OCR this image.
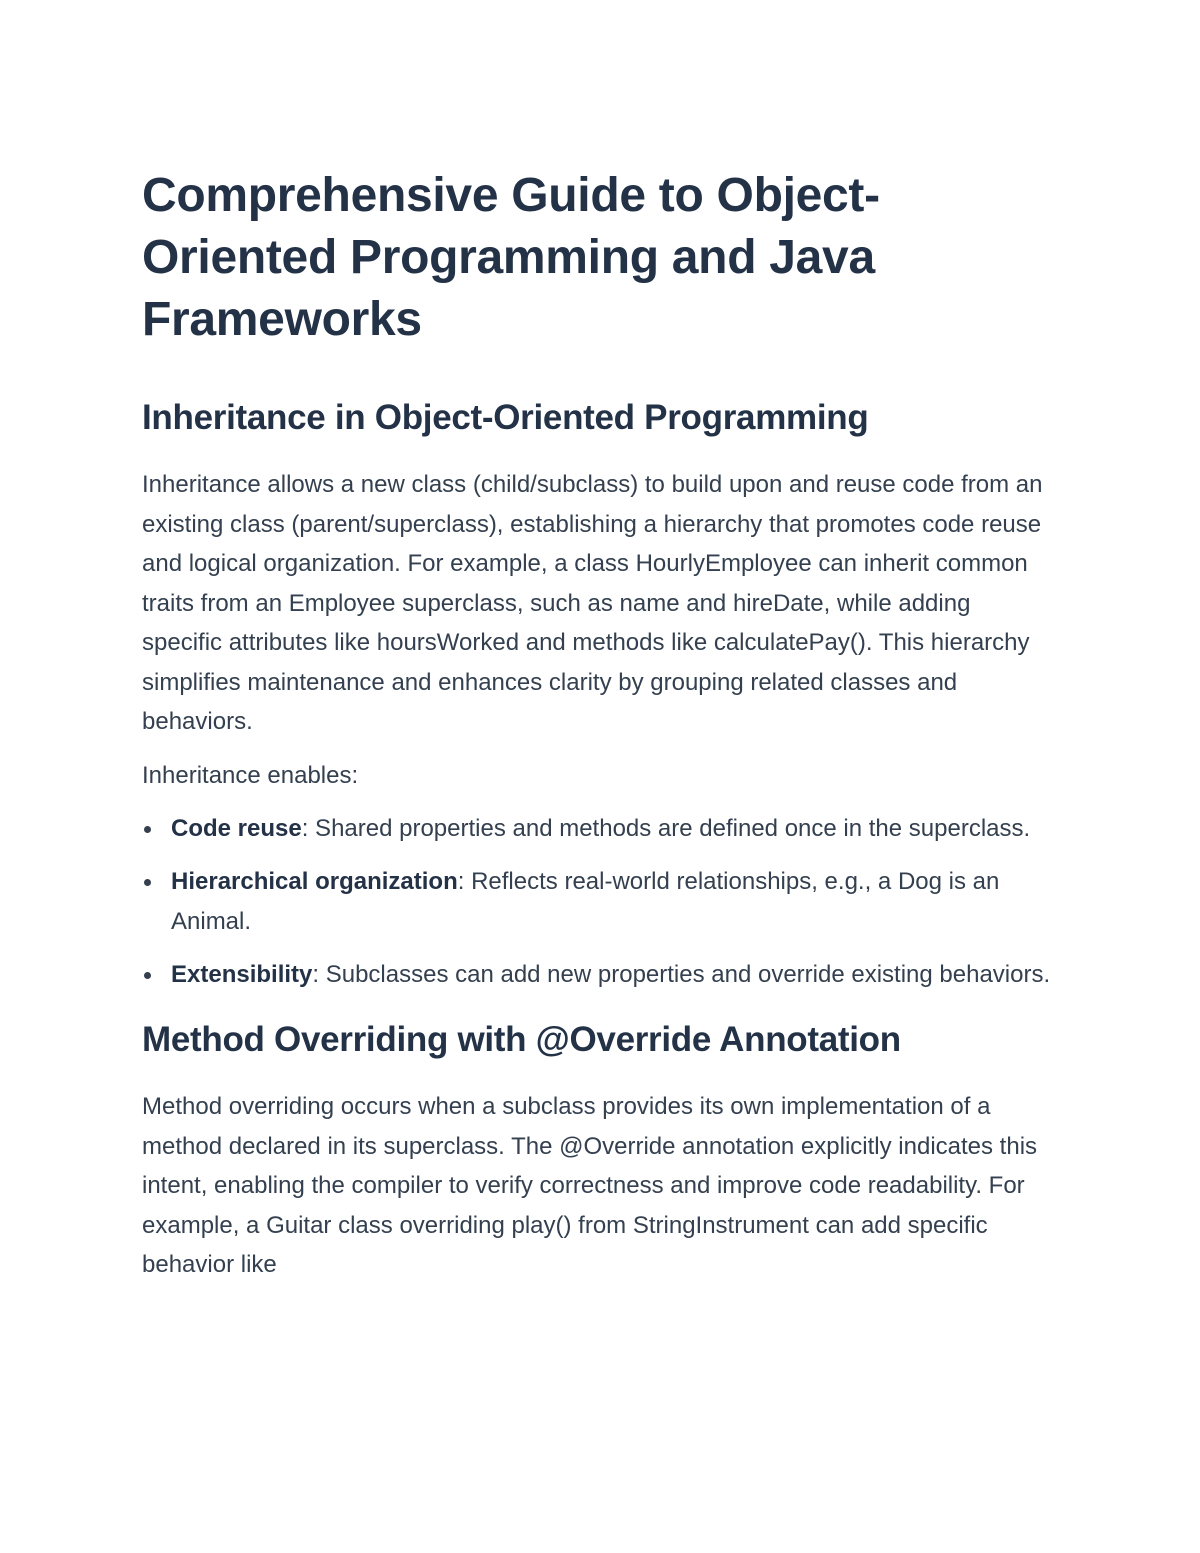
Comprehensive Guide to Object-Oriented Programming and Java Frameworks
Inheritance in Object-Oriented Programming

Inheritance allows a new class (child/subclass) to build upon and reuse code from an existing class (parent/superclass), establishing a hierarchy that promotes code reuse and logical organization. For example, a class HourlyEmployee can inherit common traits from an Employee superclass, such as name and hireDate, while adding specific attributes like hoursWorked and methods like calculatePay(). This hierarchy simplifies maintenance and enhances clarity by grouping related classes and behaviors.

Inheritance enables:

Code reuse: Shared properties and methods are defined once in the superclass.
Hierarchical organization: Reflects real-world relationships, e.g., a Dog is an Animal.
Extensibility: Subclasses can add new properties and override existing behaviors.
Method Overriding with @Override Annotation

Method overriding occurs when a subclass provides its own implementation of a method declared in its superclass. The @Override annotation explicitly indicates this intent, enabling the compiler to verify correctness and improve code readability. For example, a Guitar class overriding play() from StringInstrument can add specific behavior like
